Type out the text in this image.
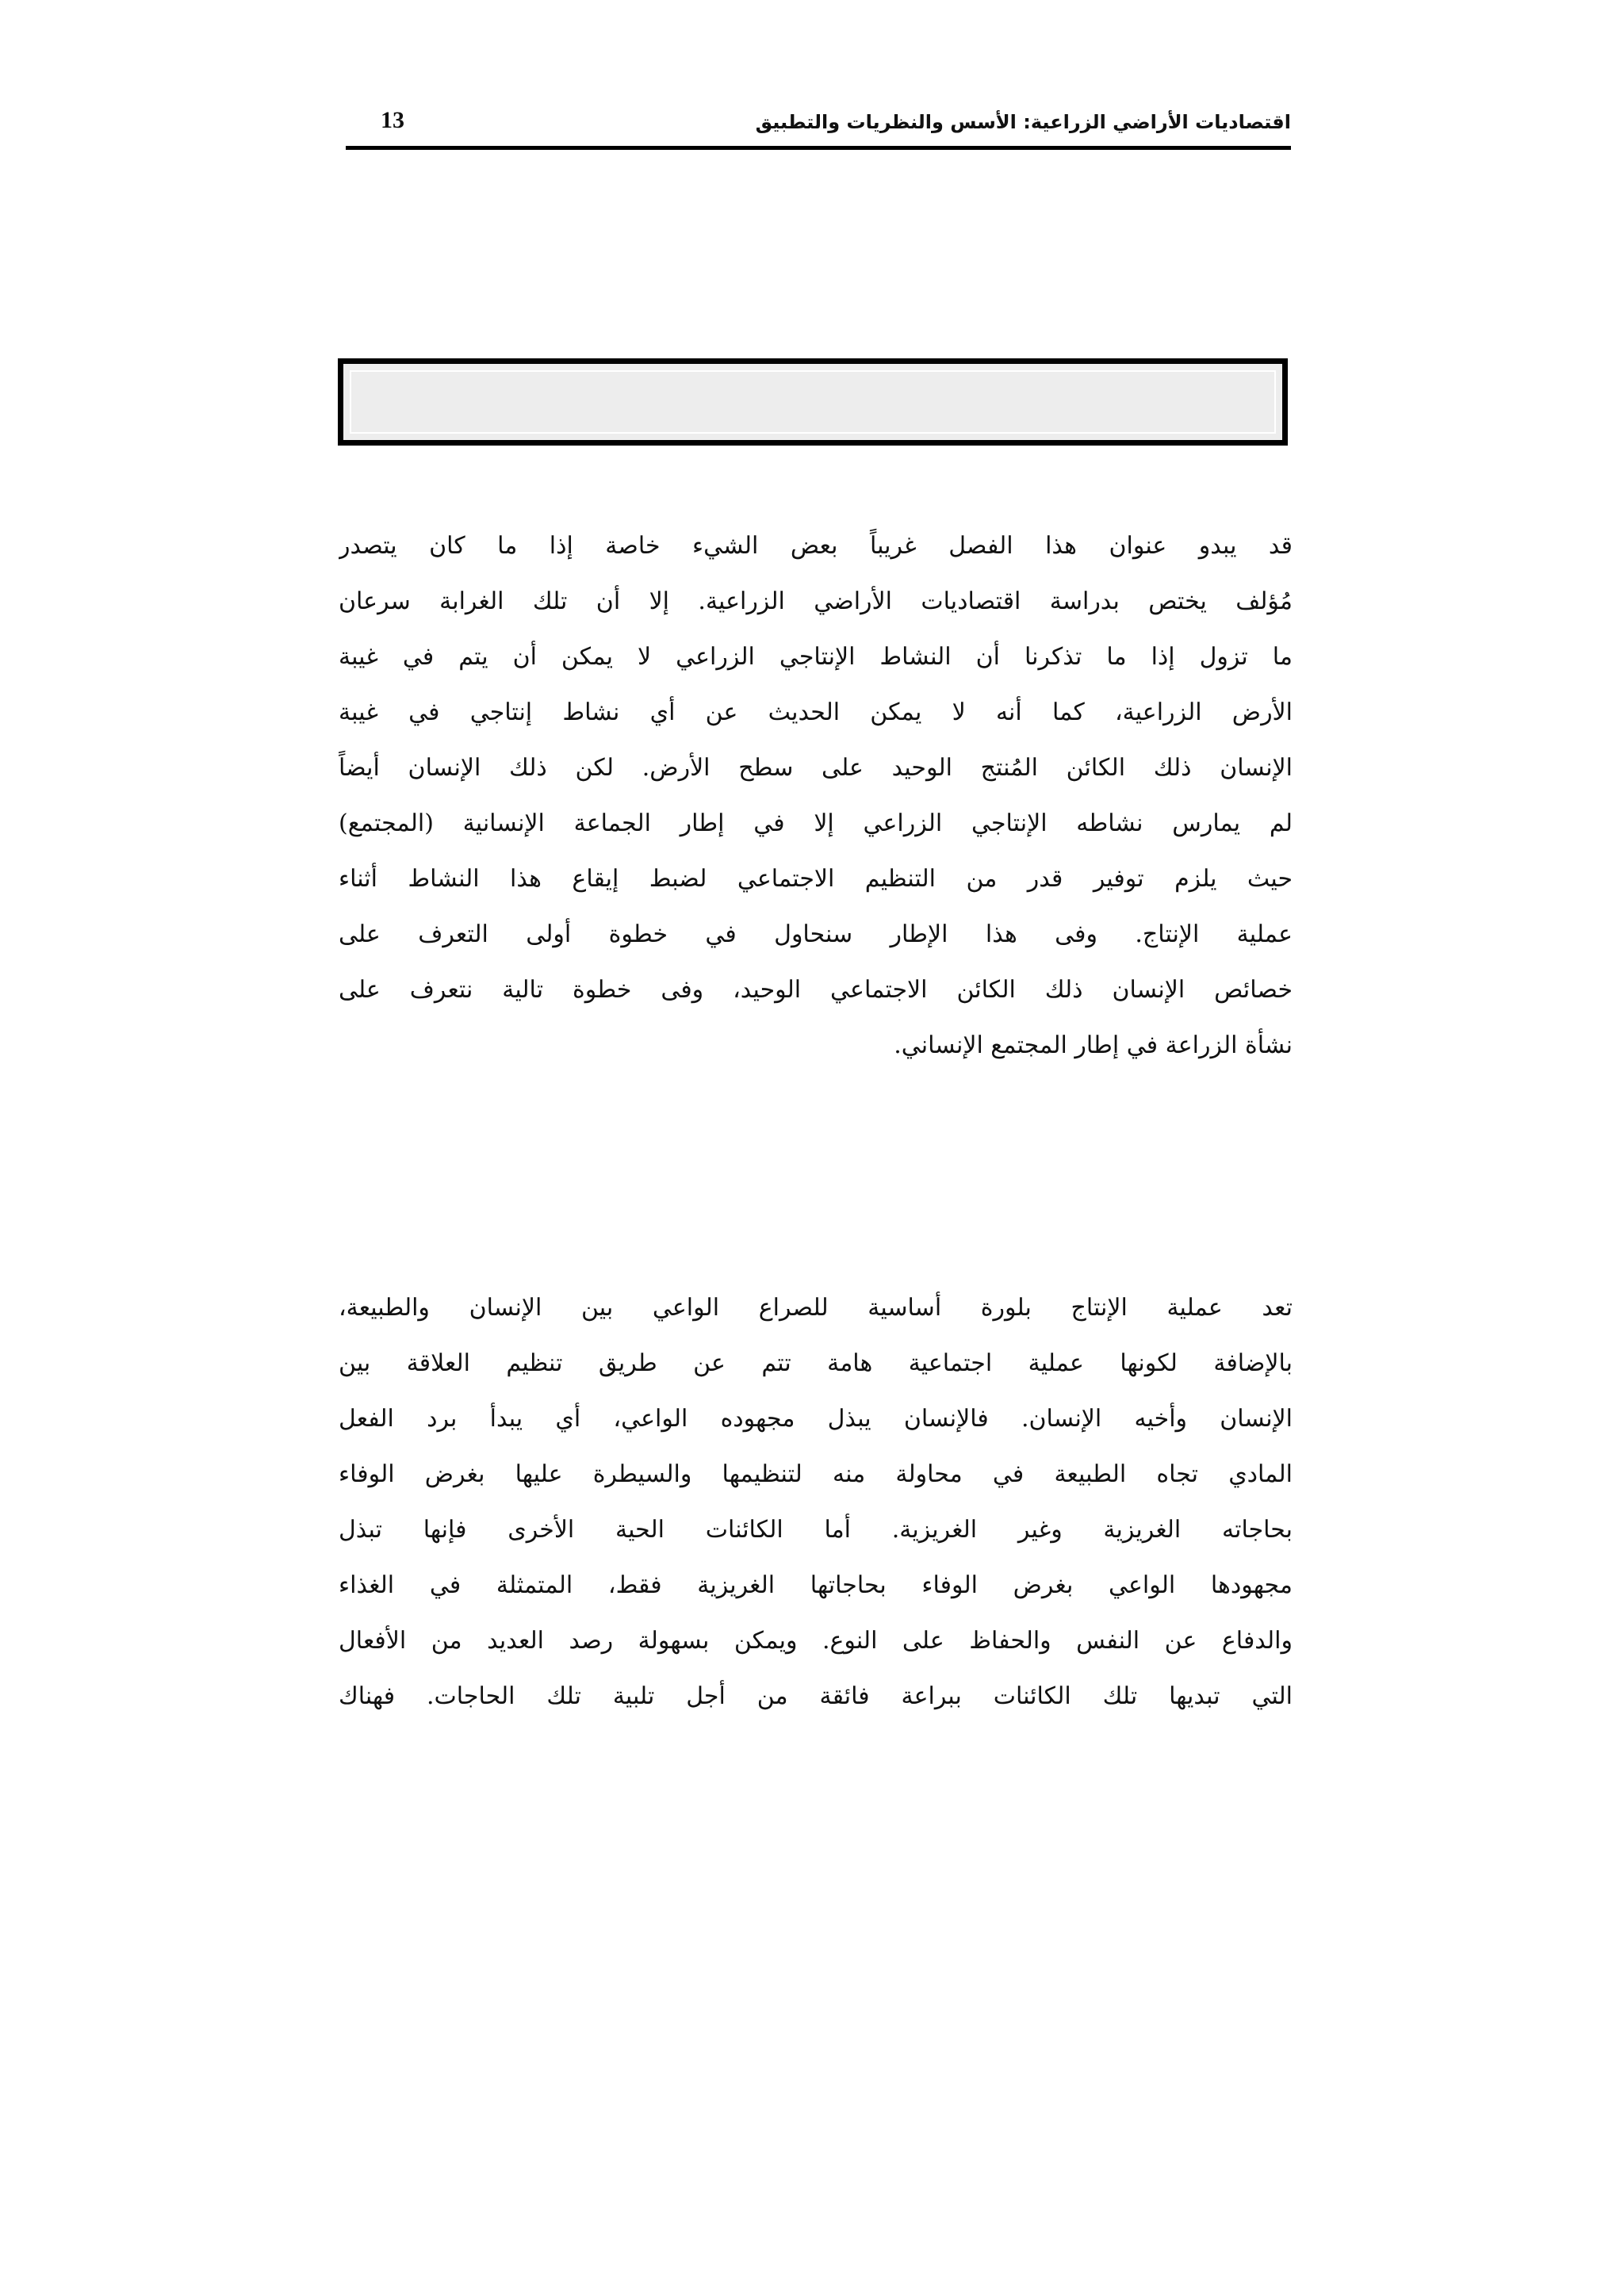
اقتصاديات الأراضي الزراعية: الأسس والنظريات والتطبيق
13
قد يبدو عنوان هذا الفصل غريباً بعض الشيء خاصة إذا ما كان يتصدر
مُؤلف يختص بدراسة اقتصاديات الأراضي الزراعية. إلا أن تلك الغرابة سرعان
ما تزول إذا ما تذكرنا أن النشاط الإنتاجي الزراعي لا يمكن أن يتم في غيبة
الأرض الزراعية، كما أنه لا يمكن الحديث عن أي نشاط إنتاجي في غيبة
الإنسان ذلك الكائن المُنتج الوحيد على سطح الأرض. لكن ذلك الإنسان أيضاً
لم يمارس نشاطه الإنتاجي الزراعي إلا في إطار الجماعة الإنسانية (المجتمع)
حيث يلزم توفير قدر من التنظيم الاجتماعي لضبط إيقاع هذا النشاط أثناء
عملية الإنتاج. وفى هذا الإطار سنحاول في خطوة أولى التعرف على
خصائص الإنسان ذلك الكائن الاجتماعي الوحيد، وفى خطوة تالية نتعرف على
نشأة الزراعة في إطار المجتمع الإنساني.
تعد عملية الإنتاج بلورة أساسية للصراع الواعي بين الإنسان والطبيعة،
بالإضافة لكونها عملية اجتماعية هامة تتم عن طريق تنظيم العلاقة بين
الإنسان وأخيه الإنسان. فالإنسان يبذل مجهوده الواعي، أي يبدأ برد الفعل
المادي تجاه الطبيعة في محاولة منه لتنظيمها والسيطرة عليها بغرض الوفاء
بحاجاته الغريزية وغير الغريزية. أما الكائنات الحية الأخرى فإنها تبذل
مجهودها الواعي بغرض الوفاء بحاجاتها الغريزية فقط، المتمثلة في الغذاء
والدفاع عن النفس والحفاظ على النوع. ويمكن بسهولة رصد العديد من الأفعال
التي تبديها تلك الكائنات ببراعة فائقة من أجل تلبية تلك الحاجات. فهناك
